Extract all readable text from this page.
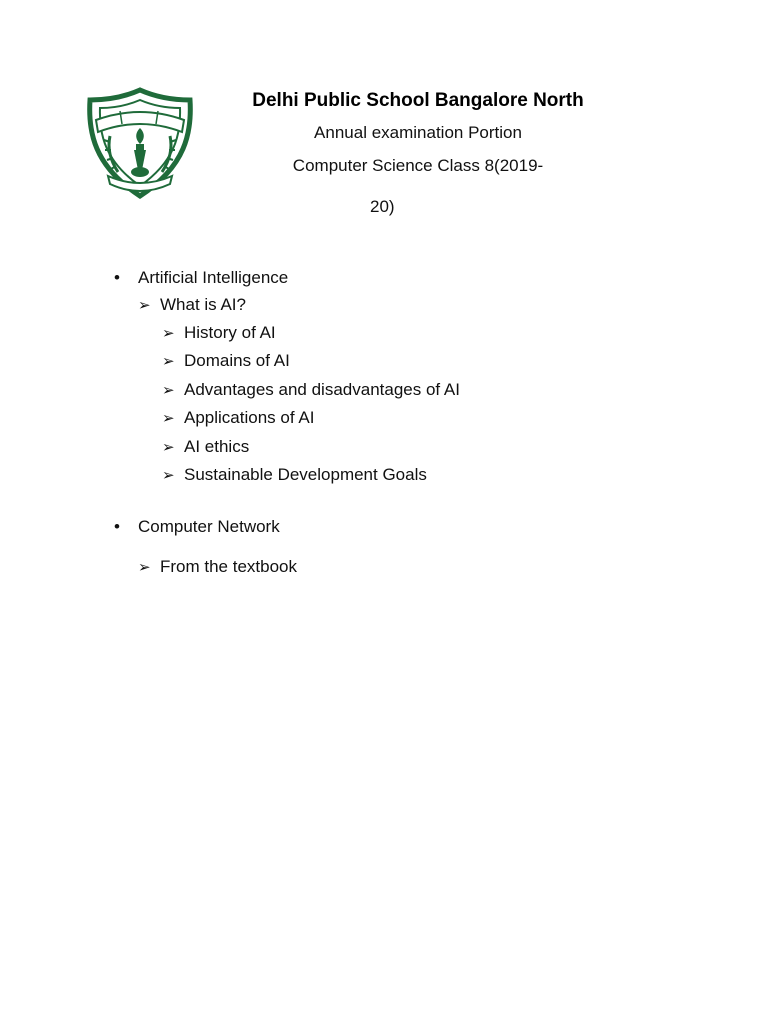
Delhi Public School Bangalore North

Annual examination Portion

Computer Science Class 8(2019-

20)
• Artificial Intelligence
➢ What is AI?
➢ History of AI
➢ Domains of AI
➢ Advantages and disadvantages of AI
➢ Applications of AI
➢ AI ethics
➢ Sustainable Development Goals
• Computer Network
➢ From the textbook
